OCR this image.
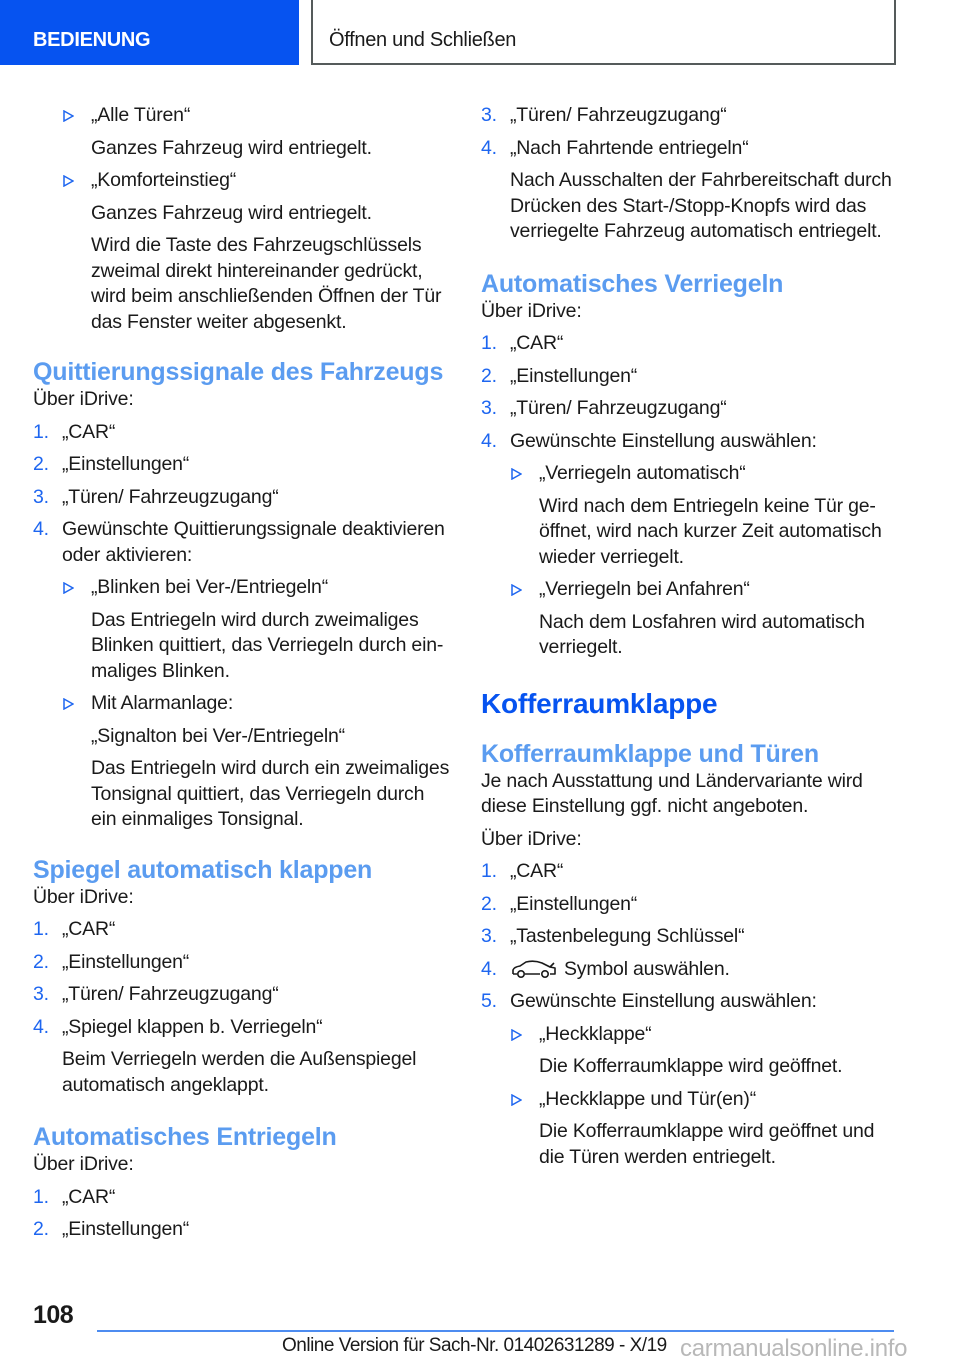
BEDIENUNG	Öffnen und Schließen
„Alle Türen“
Ganzes Fahrzeug wird entriegelt.
„Komforteinstieg“
Ganzes Fahrzeug wird entriegelt.
Wird die Taste des Fahrzeugschlüssels zweimal direkt hintereinander gedrückt, wird beim anschließenden Öffnen der Tür das Fenster weiter abgesenkt.
Quittierungssignale des Fahrzeugs
Über iDrive:
1. „CAR“
2. „Einstellungen“
3. „Türen/ Fahrzeugzugang“
4. Gewünschte Quittierungssignale deaktivieren oder aktivieren:
„Blinken bei Ver-/Entriegeln“
Das Entriegeln wird durch zweimaliges Blinken quittiert, das Verriegeln durch ein-maliges Blinken.
Mit Alarmanlage:
„Signalton bei Ver-/Entriegeln“
Das Entriegeln wird durch ein zweimaliges Tonsignal quittiert, das Verriegeln durch ein einmaliges Tonsignal.
Spiegel automatisch klappen
Über iDrive:
1. „CAR“
2. „Einstellungen“
3. „Türen/ Fahrzeugzugang“
4. „Spiegel klappen b. Verriegeln“
Beim Verriegeln werden die Außenspiegel automatisch angeklappt.
Automatisches Entriegeln
Über iDrive:
1. „CAR“
2. „Einstellungen“
3. „Türen/ Fahrzeugzugang“
4. „Nach Fahrtende entriegeln“
Nach Ausschalten der Fahrbereitschaft durch Drücken des Start-/Stopp-Knopfs wird das verriegelte Fahrzeug automatisch entriegelt.
Automatisches Verriegeln
Über iDrive:
1. „CAR“
2. „Einstellungen“
3. „Türen/ Fahrzeugzugang“
4. Gewünschte Einstellung auswählen:
„Verriegeln automatisch“
Wird nach dem Entriegeln keine Tür ge-öffnet, wird nach kurzer Zeit automatisch wieder verriegelt.
„Verriegeln bei Anfahren“
Nach dem Losfahren wird automatisch verriegelt.
Kofferraumklappe
Kofferraumklappe und Türen
Je nach Ausstattung und Ländervariante wird diese Einstellung ggf. nicht angeboten.
Über iDrive:
1. „CAR“
2. „Einstellungen“
3. „Tastenbelegung Schlüssel“
4.	Symbol auswählen.
5. Gewünschte Einstellung auswählen:
„Heckklappe“
Die Kofferraumklappe wird geöffnet.
„Heckklappe und Tür(en)“
Die Kofferraumklappe wird geöffnet und die Türen werden entriegelt.
108
Online Version für Sach-Nr. 01402631289 - X/19 carmanualsonline.info
